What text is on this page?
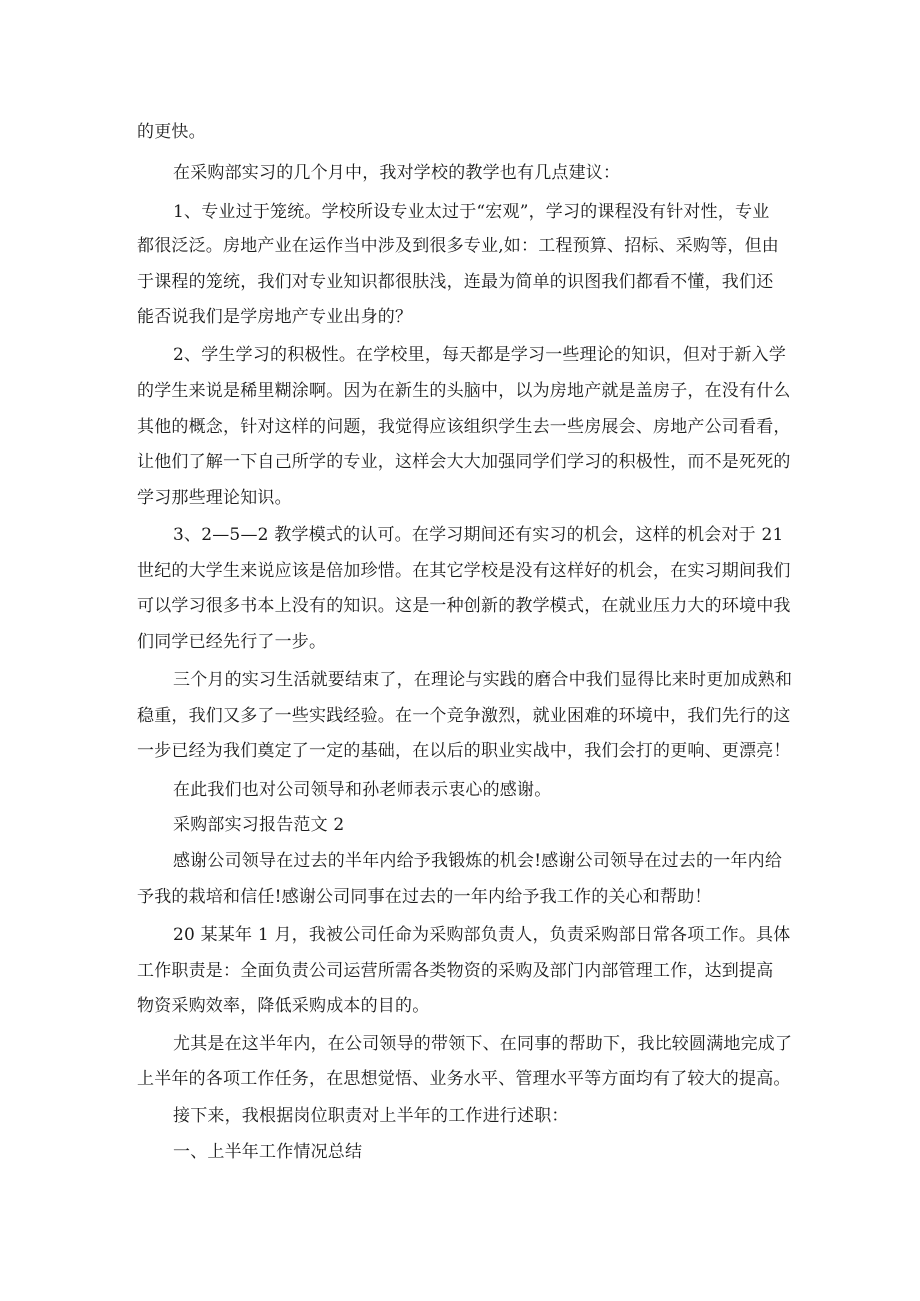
的更快。
在采购部实习的几个月中，我对学校的教学也有几点建议：
1、专业过于笼统。学校所设专业太过于“宏观”，学习的课程没有针对性，专业
都很泛泛。房地产业在运作当中涉及到很多专业,如：工程预算、招标、采购等，但由
于课程的笼统，我们对专业知识都很肤浅，连最为简单的识图我们都看不懂，我们还
能否说我们是学房地产专业出身的？
2、学生学习的积极性。在学校里，每天都是学习一些理论的知识，但对于新入学
的学生来说是稀里糊涂啊。因为在新生的头脑中，以为房地产就是盖房子，在没有什么
其他的概念，针对这样的问题，我觉得应该组织学生去一些房展会、房地产公司看看，
让他们了解一下自己所学的专业，这样会大大加强同学们学习的积极性，而不是死死的
学习那些理论知识。
3、2—5—2 教学模式的认可。在学习期间还有实习的机会，这样的机会对于 21
世纪的大学生来说应该是倍加珍惜。在其它学校是没有这样好的机会，在实习期间我们
可以学习很多书本上没有的知识。这是一种创新的教学模式，在就业压力大的环境中我
们同学已经先行了一步。
三个月的实习生活就要结束了，在理论与实践的磨合中我们显得比来时更加成熟和
稳重，我们又多了一些实践经验。在一个竞争激烈，就业困难的环境中，我们先行的这
一步已经为我们奠定了一定的基础，在以后的职业实战中，我们会打的更响、更漂亮！
在此我们也对公司领导和孙老师表示衷心的感谢。
采购部实习报告范文 2
感谢公司领导在过去的半年内给予我锻炼的机会!感谢公司领导在过去的一年内给
予我的栽培和信任!感谢公司同事在过去的一年内给予我工作的关心和帮助！
20 某某年 1 月，我被公司任命为采购部负责人，负责采购部日常各项工作。具体
工作职责是：全面负责公司运营所需各类物资的采购及部门内部管理工作，达到提高
物资采购效率，降低采购成本的目的。
尤其是在这半年内，在公司领导的带领下、在同事的帮助下，我比较圆满地完成了
上半年的各项工作任务，在思想觉悟、业务水平、管理水平等方面均有了较大的提高。
接下来，我根据岗位职责对上半年的工作进行述职：
一、上半年工作情况总结
